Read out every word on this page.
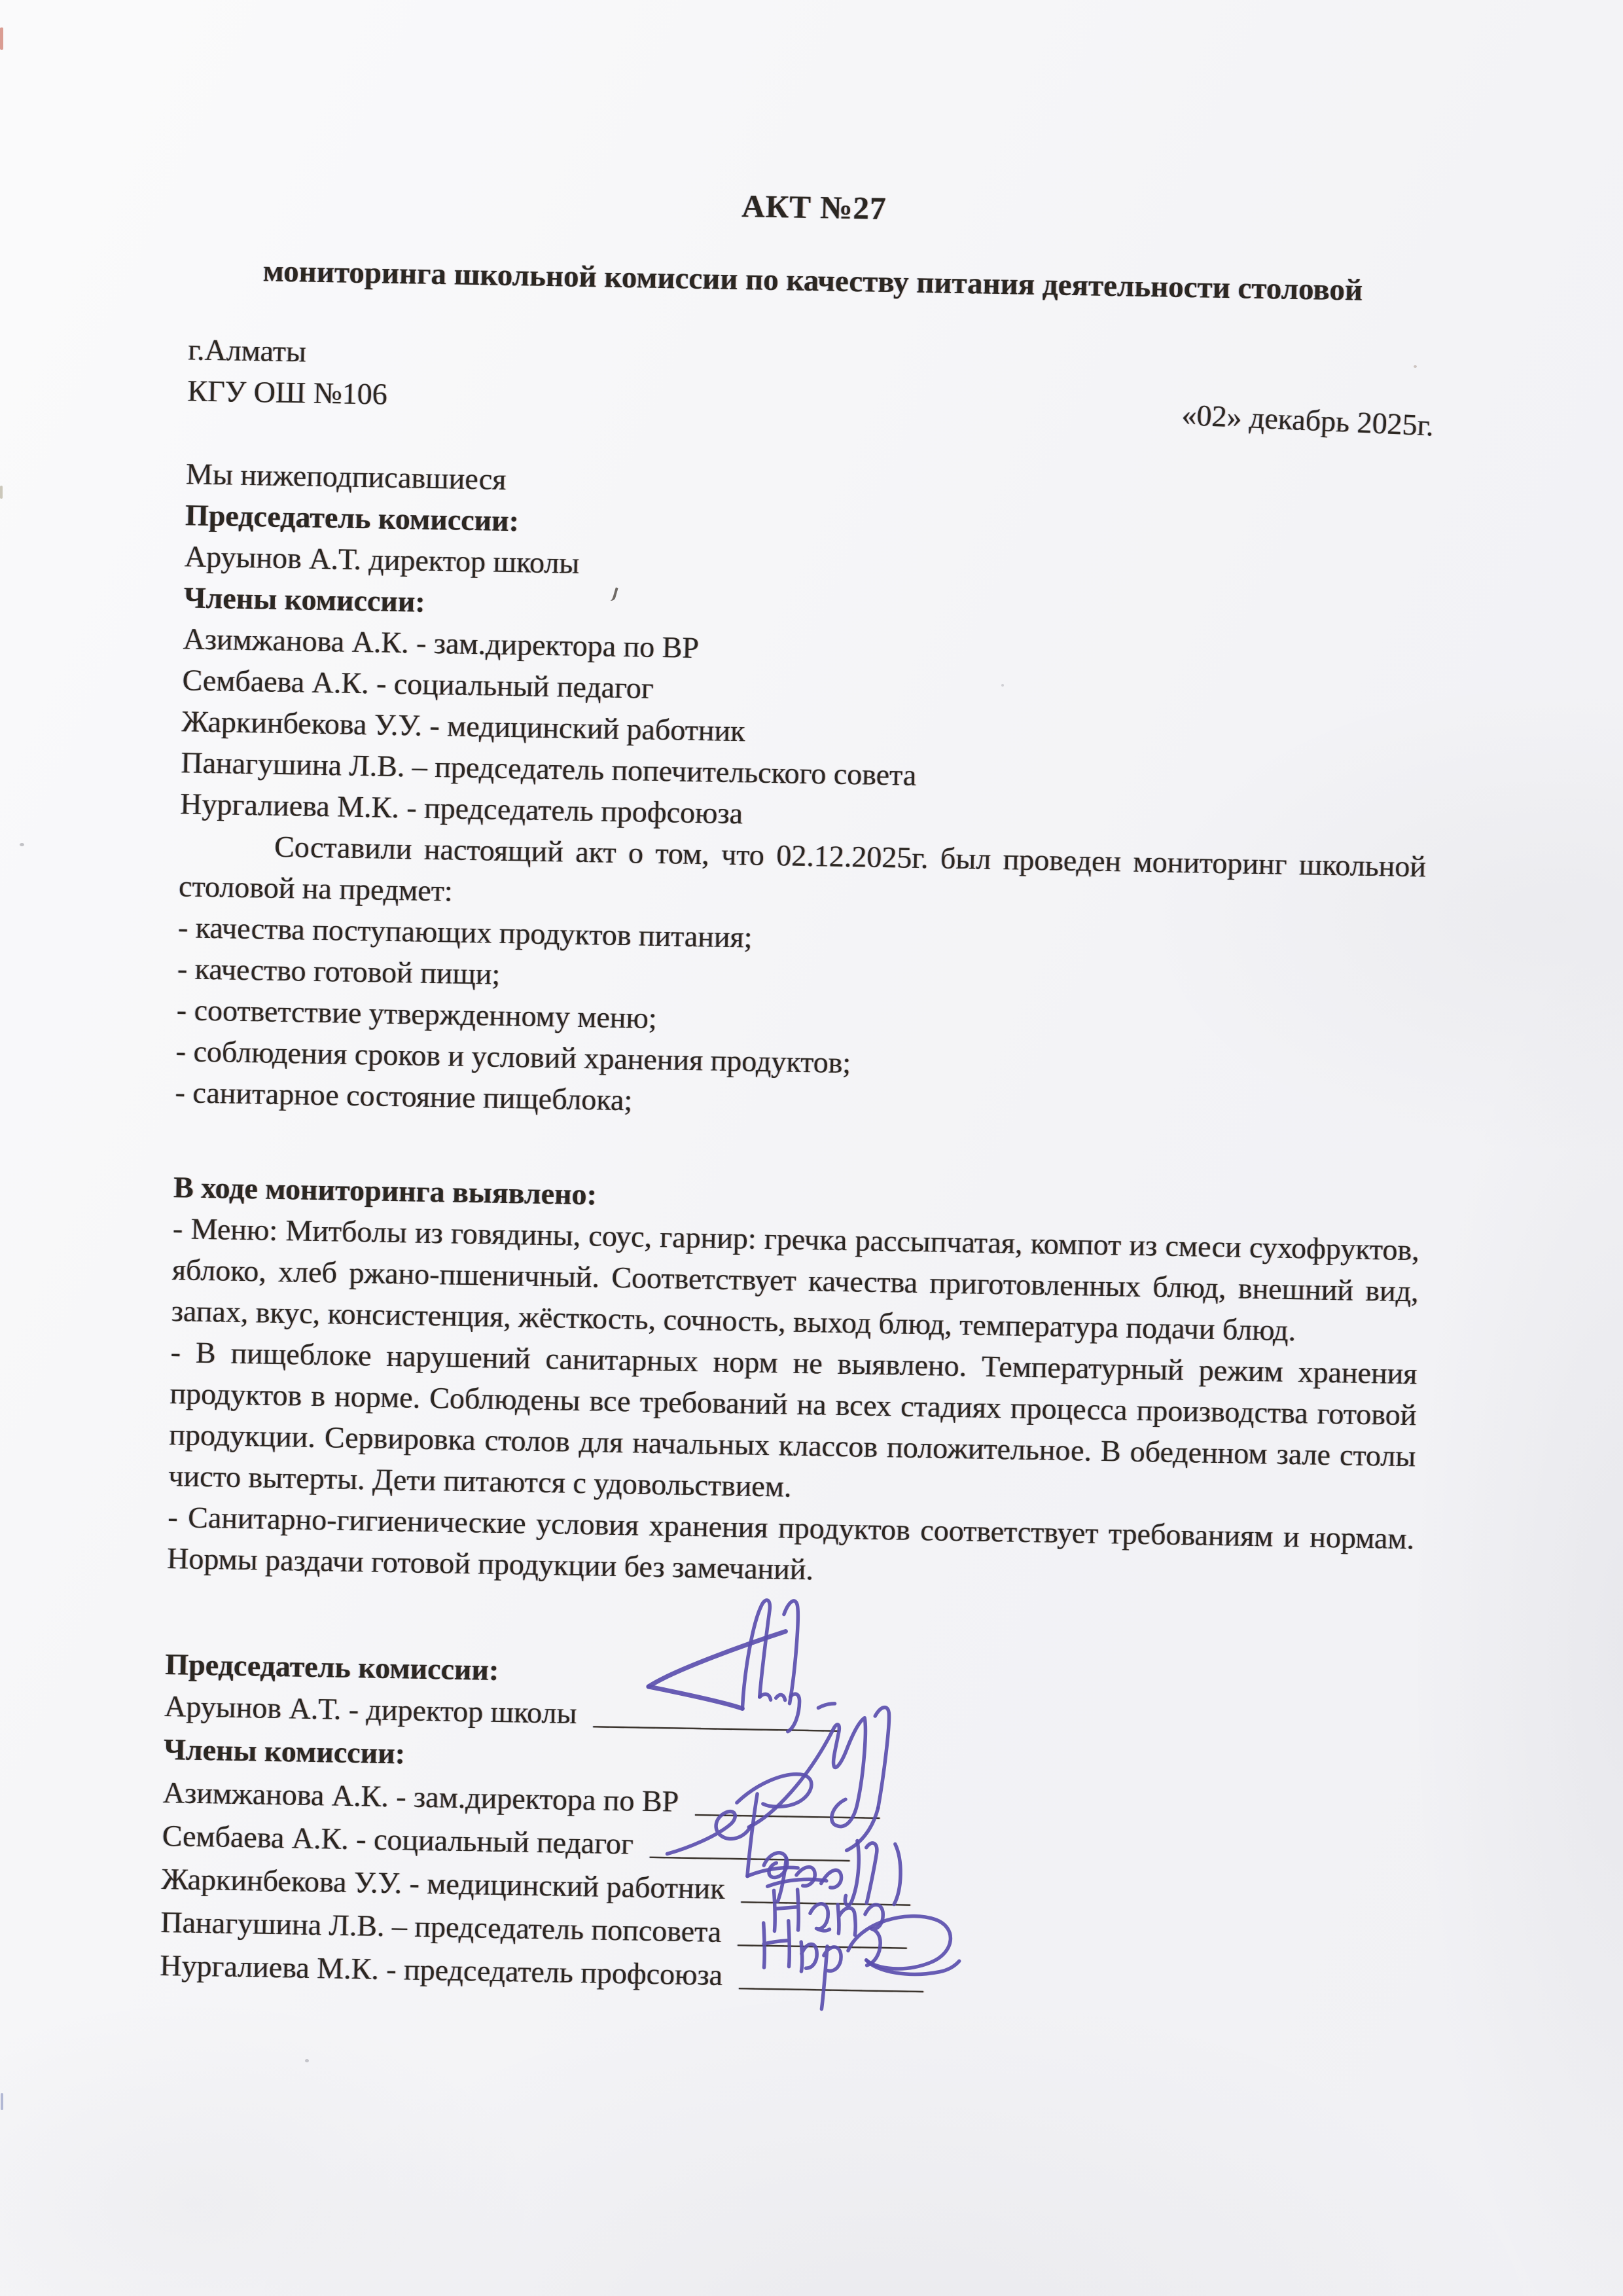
АКТ №27
мониторинга школьной комиссии по качеству питания деятельности столовой
г.Алматы
КГУ ОШ №106
«02» декабрь 2025г.
Мы нижеподписавшиеся
Председатель комиссии:
Аруынов А.Т. директор школы
Члены комиссии:
Азимжанова А.К. - зам.директора по ВР
Сембаева А.К. - социальный педагог
Жаркинбекова У.У. - медицинский работник
Панагушина Л.В. – председатель попечительского совета
Нургалиева М.К. - председатель профсоюза
Составили настоящий акт о том, что 02.12.2025г. был проведен мониторинг школьной столовой на предмет:
- качества поступающих продуктов питания;
- качество готовой пищи;
- соответствие утвержденному меню;
- соблюдения сроков и условий хранения продуктов;
- санитарное состояние пищеблока;
В ходе мониторинга выявлено:
- Меню: Митболы из говядины, соус, гарнир: гречка рассыпчатая, компот из смеси сухофруктов, яблоко, хлеб ржано-пшеничный. Соответствует качества приготовленных блюд, внешний вид, запах, вкус, консистенция, жёсткость, сочность, выход блюд, температура подачи блюд.
- В пищеблоке нарушений санитарных норм не выявлено. Температурный режим хранения продуктов в норме. Соблюдены все требований на всех стадиях процесса производства готовой продукции. Сервировка столов для начальных классов положительное. В обеденном зале столы чисто вытерты. Дети питаются с удовольствием.
- Санитарно-гигиенические условия хранения продуктов соответствует требованиям и нормам. Нормы раздачи готовой продукции без замечаний.
Председатель комиссии:
Аруынов А.Т. - директор школы ________________
Члены комиссии:
Азимжанова А.К. - зам.директора по ВР ____________
Сембаева А.К. - социальный педагог _____________
Жаркинбекова У.У. - медицинский работник ___________
Панагушина Л.В. – председатель попсовета ___________
Нургалиева М.К. - председатель профсоюза ____________
